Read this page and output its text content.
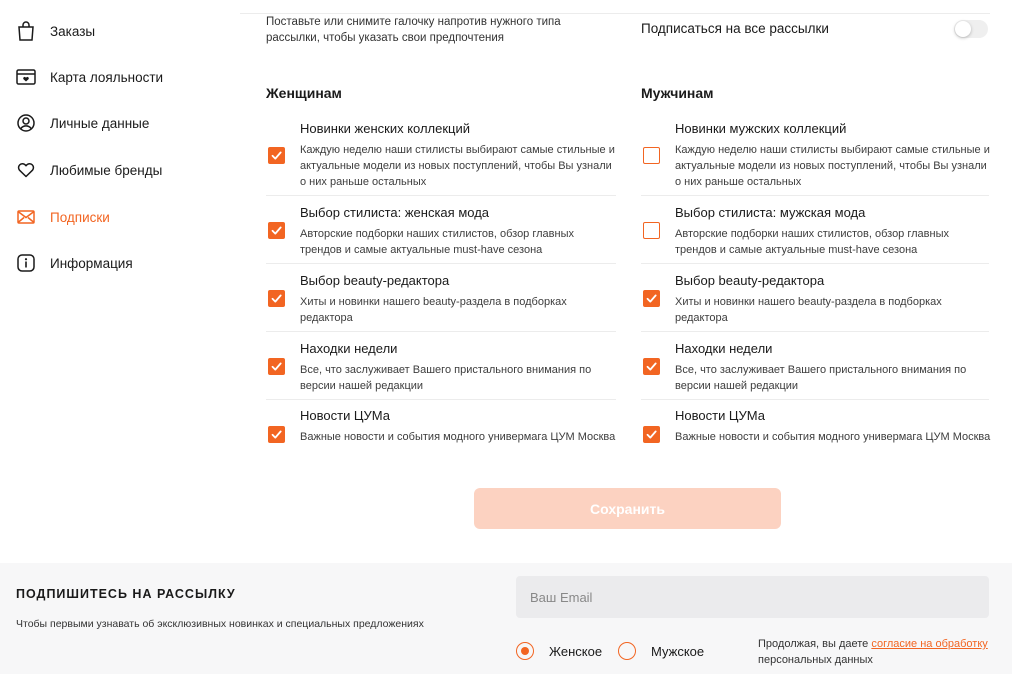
Заказы
Карта лояльности
Личные данные
Любимые бренды
Подписки
Информация

Поставьте или снимите галочку напротив нужного типа рассылки, чтобы указать свои предпочтения

Подписаться на все рассылки
Женщинам	Мужчинам
Новинки женских коллекций
Каждую неделю наши стилисты выбирают самые стильные и актуальные модели из новых поступлений, чтобы Вы узнали о них раньше остальных
Выбор стилиста: женская мода
Авторские подборки наших стилистов, обзор главных трендов и самые актуальные must-have сезона
Выбор beauty-редактора
Хиты и новинки нашего beauty-раздела в подборках редактора
Находки недели
Все, что заслуживает Вашего пристального внимания по версии нашей редакции
Новости ЦУМа
Важные новости и события модного универмага ЦУМ Москва
Новинки мужских коллекций
Каждую неделю наши стилисты выбирают самые стильные и актуальные модели из новых поступлений, чтобы Вы узнали о них раньше остальных
Выбор стилиста: мужская мода
Авторские подборки наших стилистов, обзор главных трендов и самые актуальные must-have сезона
Выбор beauty-редактора
Хиты и новинки нашего beauty-раздела в подборках редактора
Находки недели
Все, что заслуживает Вашего пристального внимания по версии нашей редакции
Новости ЦУМа
Важные новости и события модного универмага ЦУМ Москва
Сохранить
ПОДПИШИТЕСЬ НА РАССЫЛКУ
Чтобы первыми узнавать об эксклюзивных новинках и специальных предложениях
Ваш Email
Женское	Мужское	Продолжая, вы даете согласие на обработку персональных данных
